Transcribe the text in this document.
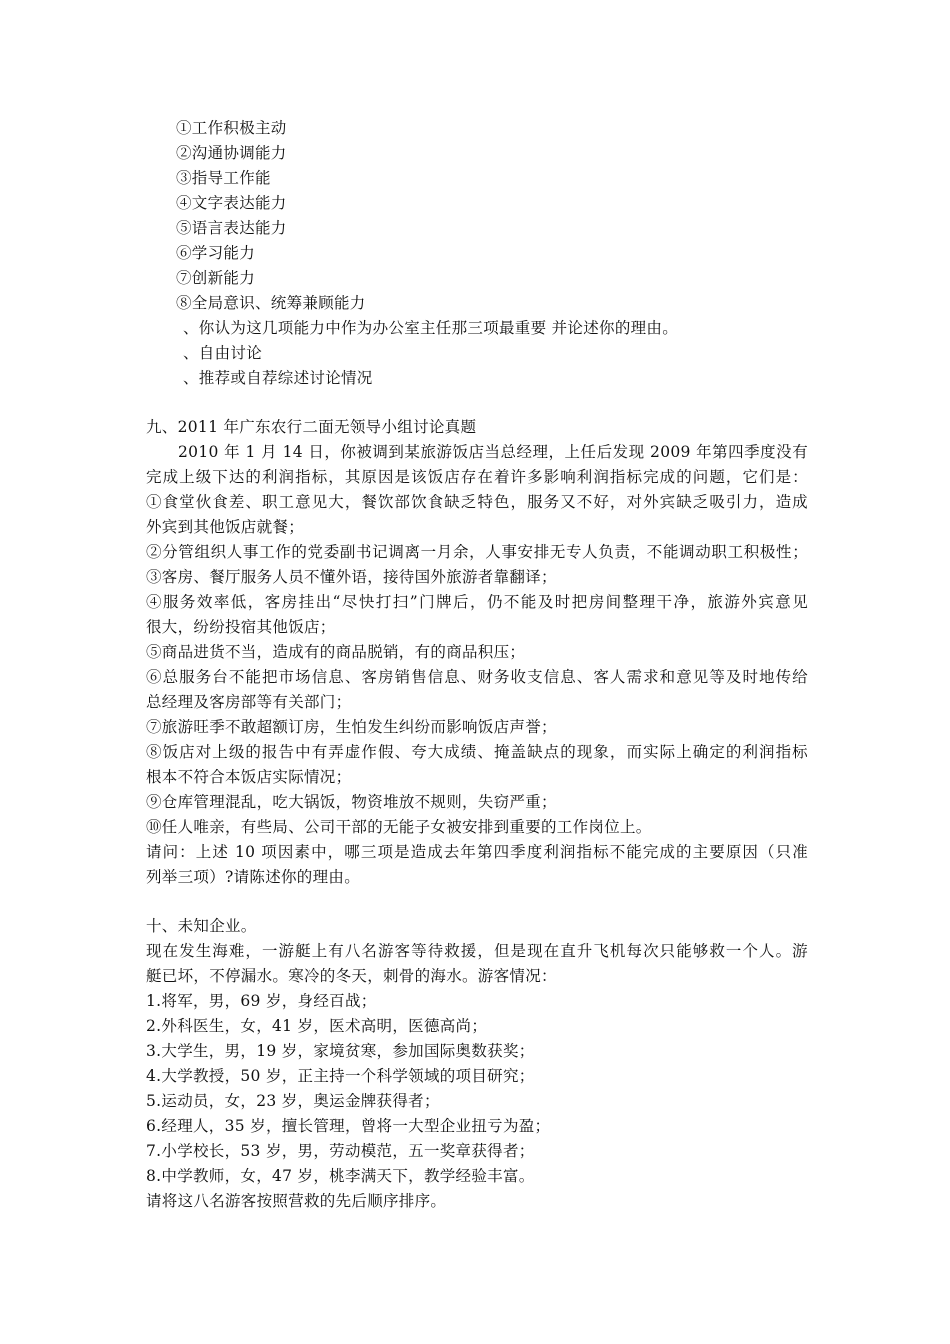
①工作积极主动
②沟通协调能力
③指导工作能
④文字表达能力
⑤语言表达能力
⑥学习能力
⑦创新能力
⑧全局意识、统筹兼顾能力
、你认为这几项能力中作为办公室主任那三项最重要 并论述你的理由。
、自由讨论
、推荐或自荐综述讨论情况
九、2011 年广东农行二面无领导小组讨论真题
　　2010 年 1 月 14 日，你被调到某旅游饭店当总经理，上任后发现 2009 年第四季度没有
完成上级下达的利润指标，其原因是该饭店存在着许多影响利润指标完成的问题，它们是：
①食堂伙食差、职工意见大，餐饮部饮食缺乏特色，服务又不好，对外宾缺乏吸引力，造成
外宾到其他饭店就餐；
②分管组织人事工作的党委副书记调离一月余，人事安排无专人负责，不能调动职工积极性；
③客房、餐厅服务人员不懂外语，接待国外旅游者靠翻译；
④服务效率低，客房挂出“尽快打扫”门牌后，仍不能及时把房间整理干净，旅游外宾意见
很大，纷纷投宿其他饭店；
⑤商品进货不当，造成有的商品脱销，有的商品积压；
⑥总服务台不能把市场信息、客房销售信息、财务收支信息、客人需求和意见等及时地传给
总经理及客房部等有关部门；
⑦旅游旺季不敢超额订房，生怕发生纠纷而影响饭店声誉；
⑧饭店对上级的报告中有弄虚作假、夸大成绩、掩盖缺点的现象，而实际上确定的利润指标
根本不符合本饭店实际情况；
⑨仓库管理混乱，吃大锅饭，物资堆放不规则，失窃严重；
⑩任人唯亲，有些局、公司干部的无能子女被安排到重要的工作岗位上。
请问：上述 10 项因素中，哪三项是造成去年第四季度利润指标不能完成的主要原因（只准
列举三项）?请陈述你的理由。
十、未知企业。
现在发生海难，一游艇上有八名游客等待救援，但是现在直升飞机每次只能够救一个人。游
艇已坏，不停漏水。寒冷的冬天，刺骨的海水。游客情况：
1.将军，男，69 岁，身经百战；
2.外科医生，女，41 岁，医术高明，医德高尚；
3.大学生，男，19 岁，家境贫寒，参加国际奥数获奖；
4.大学教授，50 岁，正主持一个科学领域的项目研究；
5.运动员，女，23 岁，奥运金牌获得者；
6.经理人，35 岁，擅长管理，曾将一大型企业扭亏为盈；
7.小学校长，53 岁，男，劳动模范，五一奖章获得者；
8.中学教师，女，47 岁，桃李满天下，教学经验丰富。
请将这八名游客按照营救的先后顺序排序。
